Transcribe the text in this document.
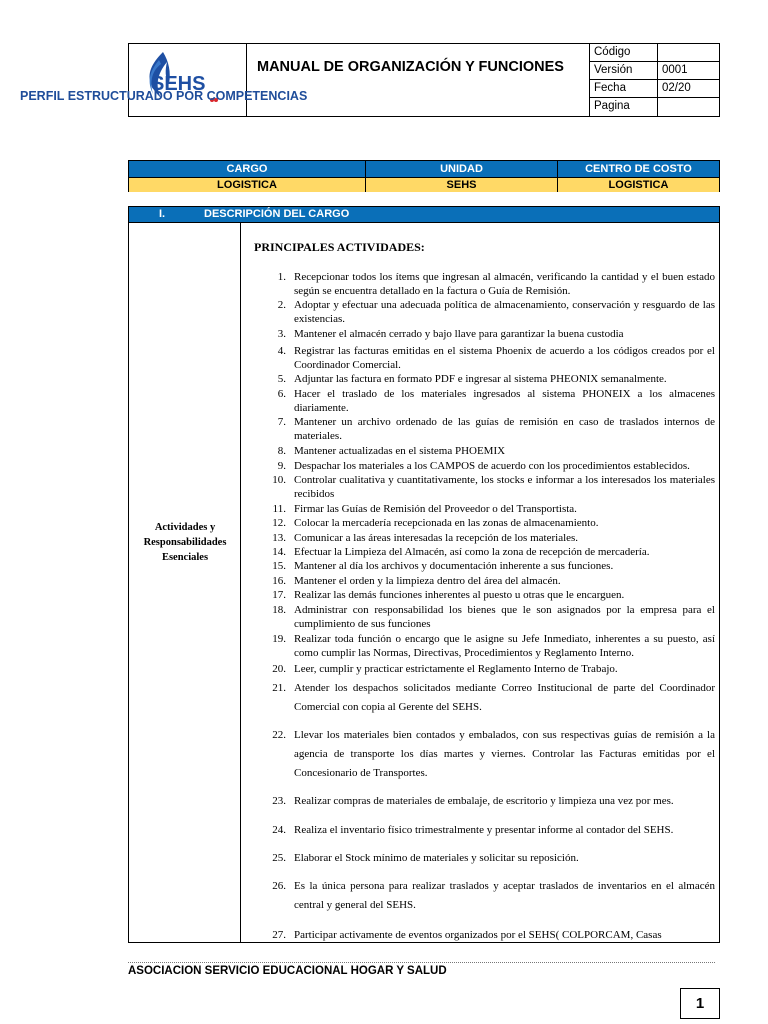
SEHS
MANUAL DE ORGANIZACIÓN Y FUNCIONES
Código
Versión	0001
Fecha	02/20
Pagina
PERFIL ESTRUCTURADO POR COMPETENCIAS
CARGO	UNIDAD	CENTRO DE COSTO
LOGISTICA	SEHS	LOGISTICA
I.	DESCRIPCIÓN DEL CARGO
Actividades y
Responsabilidades
Esenciales
PRINCIPALES ACTIVIDADES:
1. Recepcionar todos los ítems que ingresan al almacén, verificando la cantidad y el buen estado según se encuentra detallado en la factura o Guía de Remisión.
2. Adoptar y efectuar una adecuada política de almacenamiento, conservación y resguardo de las existencias.
3. Mantener el almacén cerrado y bajo llave para garantizar la buena custodia
4. Registrar las facturas emitidas en el sistema Phoenix de acuerdo a los códigos creados por el Coordinador Comercial.
5. Adjuntar las factura en formato PDF e ingresar al sistema PHEONIX semanalmente.
6. Hacer el traslado de los materiales ingresados al sistema PHONEIX a los almacenes diariamente.
7. Mantener un archivo ordenado de las guías de remisión en caso de traslados internos de materiales.
8. Mantener actualizadas en el sistema PHOEMIX
9. Despachar los materiales a los CAMPOS de acuerdo con los procedimientos establecidos.
10. Controlar cualitativa y cuantitativamente, los stocks e informar a los interesados los materiales recibidos
11. Firmar las Guías de Remisión del Proveedor o del Transportista.
12. Colocar la mercadería recepcionada en las zonas de almacenamiento.
13. Comunicar a las áreas interesadas la recepción de los materiales.
14. Efectuar la Limpieza del Almacén, así como la zona de recepción de mercadería.
15. Mantener al día los archivos y documentación inherente a sus funciones.
16. Mantener el orden y la limpieza dentro del área del almacén.
17. Realizar las demás funciones inherentes al puesto u otras que le encarguen.
18. Administrar con responsabilidad los bienes que le son asignados por la empresa para el cumplimiento de sus funciones
19. Realizar toda función o encargo que le asigne su Jefe Inmediato, inherentes a su puesto, así como cumplir las Normas, Directivas, Procedimientos y Reglamento Interno.
20. Leer, cumplir y practicar estrictamente el Reglamento Interno de Trabajo.
21. Atender los despachos solicitados mediante Correo Institucional de parte del Coordinador Comercial con copia al Gerente del SEHS.
22. Llevar los materiales bien contados y embalados, con sus respectivas guías de remisión a la agencia de transporte los días martes y viernes. Controlar las Facturas emitidas por el Concesionario de Transportes.
23. Realizar compras de materiales de embalaje, de escritorio y limpieza una vez por mes.
24. Realiza el inventario físico trimestralmente y presentar informe al contador del SEHS.
25. Elaborar el Stock mínimo de materiales y solicitar su reposición.
26. Es la única persona para realizar traslados y aceptar traslados de inventarios en el almacén central y general del SEHS.
27. Participar activamente de eventos organizados por el SEHS( COLPORCAM, Casas
ASOCIACION SERVICIO EDUCACIONAL HOGAR Y SALUD
1
